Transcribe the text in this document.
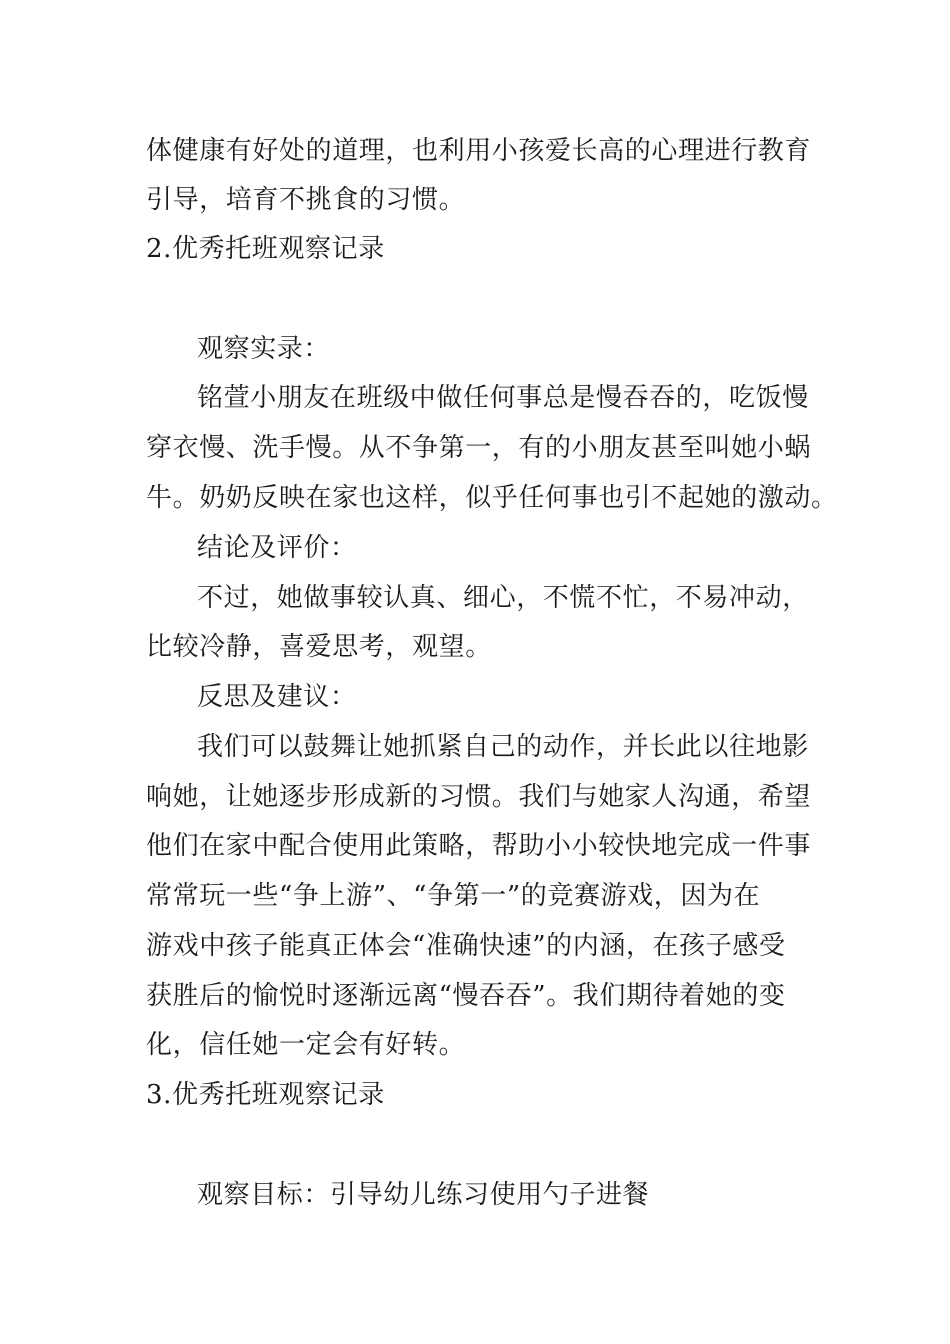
体健康有好处的道理，也利用小孩爱长高的心理进行教育
引导，培育不挑食的习惯。
2.优秀托班观察记录
观察实录：
铭萱小朋友在班级中做任何事总是慢吞吞的，吃饭慢
穿衣慢、洗手慢。从不争第一，有的小朋友甚至叫她小蜗
牛。奶奶反映在家也这样，似乎任何事也引不起她的激动。
结论及评价：
不过，她做事较认真、细心，不慌不忙，不易冲动，
比较冷静，喜爱思考，观望。
反思及建议：
我们可以鼓舞让她抓紧自己的动作，并长此以往地影
响她，让她逐步形成新的习惯。我们与她家人沟通，希望
他们在家中配合使用此策略，帮助小小较快地完成一件事
常常玩一些“争上游”、“争第一”的竞赛游戏，因为在
游戏中孩子能真正体会“准确快速”的内涵，在孩子感受
获胜后的愉悦时逐渐远离“慢吞吞”。我们期待着她的变
化，信任她一定会有好转。
3.优秀托班观察记录
观察目标：引导幼儿练习使用勺子进餐
